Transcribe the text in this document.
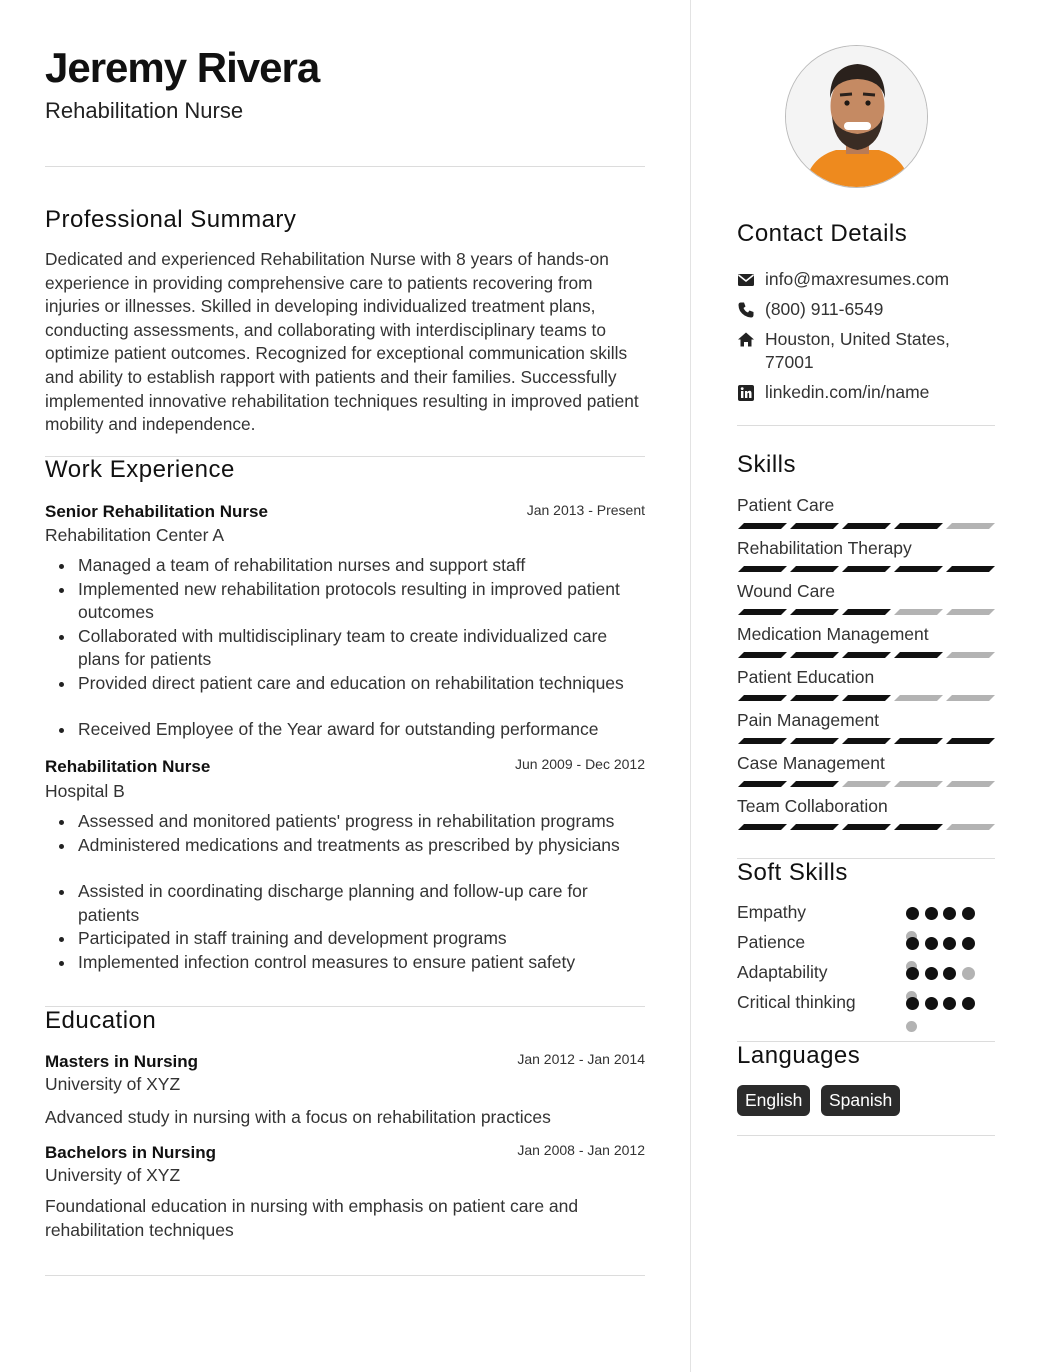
Jeremy Rivera
Rehabilitation Nurse
Professional Summary
Dedicated and experienced Rehabilitation Nurse with 8 years of hands-on experience in providing comprehensive care to patients recovering from injuries or illnesses. Skilled in developing individualized treatment plans, conducting assessments, and collaborating with interdisciplinary teams to optimize patient outcomes. Recognized for exceptional communication skills and ability to establish rapport with patients and their families. Successfully implemented innovative rehabilitation techniques resulting in improved patient mobility and independence.
Work Experience
Senior Rehabilitation Nurse	Jan 2013 - Present
Rehabilitation Center A
Managed a team of rehabilitation nurses and support staff
Implemented new rehabilitation protocols resulting in improved patient outcomes
Collaborated with multidisciplinary team to create individualized care plans for patients
Provided direct patient care and education on rehabilitation techniques
Received Employee of the Year award for outstanding performance
Rehabilitation Nurse	Jun 2009 - Dec 2012
Hospital B
Assessed and monitored patients' progress in rehabilitation programs
Administered medications and treatments as prescribed by physicians
Assisted in coordinating discharge planning and follow-up care for patients
Participated in staff training and development programs
Implemented infection control measures to ensure patient safety
Education
Masters in Nursing	Jan 2012 - Jan 2014
University of XYZ
Advanced study in nursing with a focus on rehabilitation practices
Bachelors in Nursing	Jan 2008 - Jan 2012
University of XYZ
Foundational education in nursing with emphasis on patient care and rehabilitation techniques
Contact Details
info@maxresumes.com
(800) 911-6549
Houston, United States, 77001
linkedin.com/in/name
Skills
Patient Care
Rehabilitation Therapy
Wound Care
Medication Management
Patient Education
Pain Management
Case Management
Team Collaboration
Soft Skills
Empathy
Patience
Adaptability
Critical thinking
Languages
English	Spanish
